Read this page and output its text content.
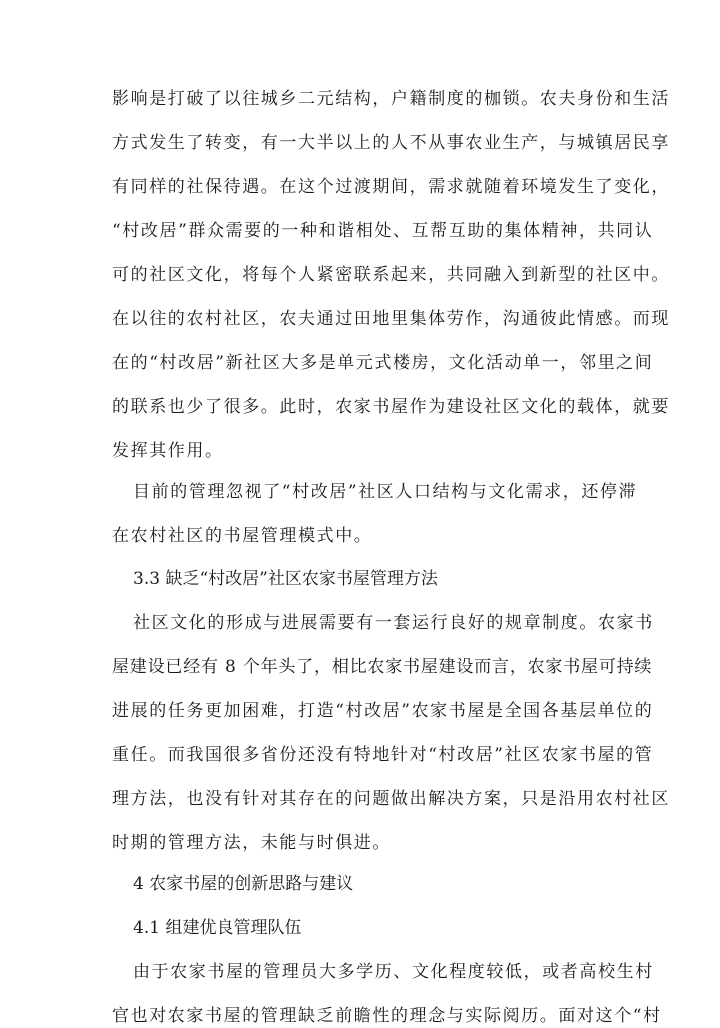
影响是打破了以往城乡二元结构，户籍制度的枷锁。农夫身份和生活
方式发生了转变，有一大半以上的人不从事农业生产，与城镇居民享
有同样的社保待遇。在这个过渡期间，需求就随着环境发生了变化，
“村改居”群众需要的一种和谐相处、互帮互助的集体精神，共同认
可的社区文化，将每个人紧密联系起来，共同融入到新型的社区中。
在以往的农村社区，农夫通过田地里集体劳作，沟通彼此情感。而现
在的“村改居”新社区大多是单元式楼房，文化活动单一，邻里之间
的联系也少了很多。此时，农家书屋作为建设社区文化的载体，就要
发挥其作用。
目前的管理忽视了“村改居”社区人口结构与文化需求，还停滞
在农村社区的书屋管理模式中。
3.3 缺乏“村改居”社区农家书屋管理方法
社区文化的形成与进展需要有一套运行良好的规章制度。农家书
屋建设已经有 8 个年头了，相比农家书屋建设而言，农家书屋可持续
进展的任务更加困难，打造“村改居”农家书屋是全国各基层单位的
重任。而我国很多省份还没有特地针对“村改居”社区农家书屋的管
理方法，也没有针对其存在的问题做出解决方案，只是沿用农村社区
时期的管理方法，未能与时俱进。
4 农家书屋的创新思路与建议
4.1 组建优良管理队伍
由于农家书屋的管理员大多学历、文化程度较低，或者高校生村
官也对农家书屋的管理缺乏前瞻性的理念与实际阅历。面对这个“村
